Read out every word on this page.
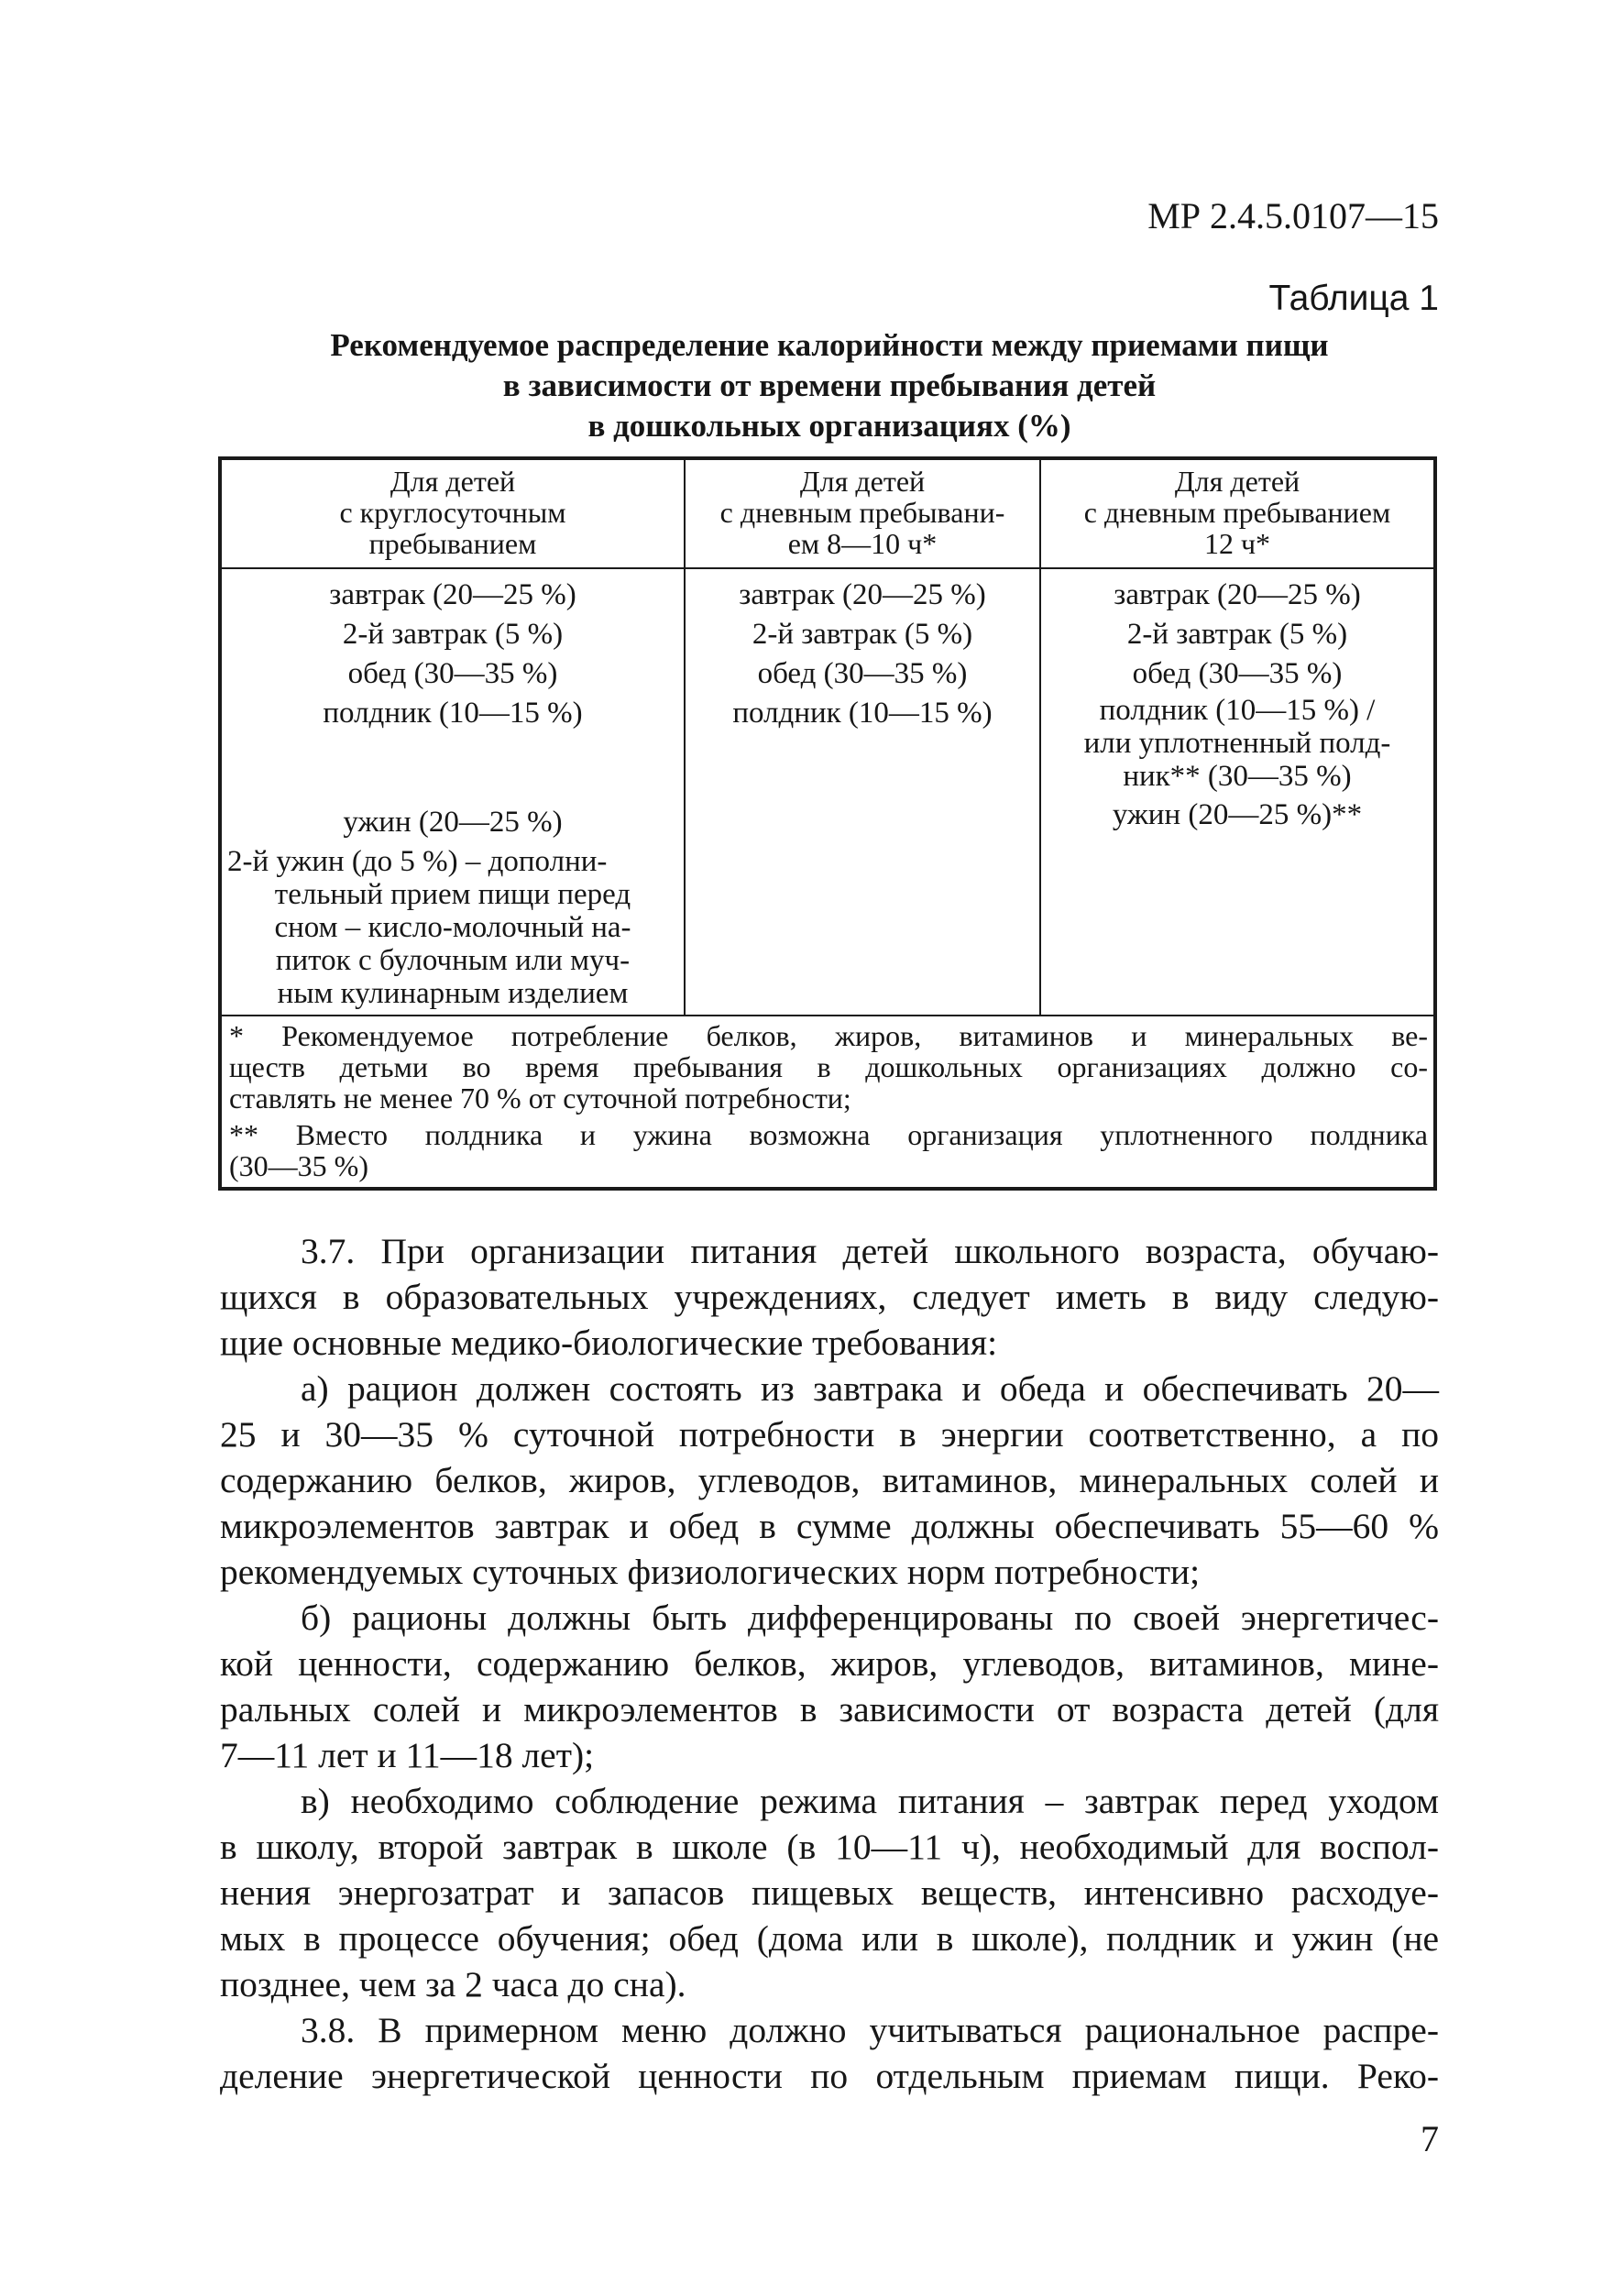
МР 2.4.5.0107—15
Таблица 1
Рекомендуемое распределение калорийности между приемами пищи
в зависимости от времени пребывания детей
в дошкольных организациях (%)
Для детей
с круглосуточным
пребыванием
Для детей
с дневным пребывани-
ем 8—10 ч*
Для детей
с дневным пребыванием
12 ч*
завтрак (20—25 %)
2-й завтрак (5 %)
обед (30—35 %)
полдник (10—15 %)
ужин (20—25 %)
2-й ужин (до 5 %) – дополни-
тельный прием пищи перед
сном – кисло-молочный на-
питок с булочным или муч-
ным кулинарным изделием
завтрак (20—25 %)
2-й завтрак (5 %)
обед (30—35 %)
полдник (10—15 %)
завтрак (20—25 %)
2-й завтрак (5 %)
обед (30—35 %)
полдник (10—15 %) /
или уплотненный полд-
ник** (30—35 %)
ужин (20—25 %)**
* Рекомендуемое потребление белков, жиров, витаминов и минеральных ве-
ществ детьми во время пребывания в дошкольных организациях должно со-
ставлять не менее 70 % от суточной потребности;
** Вместо полдника и ужина возможна организация уплотненного полдника
(30—35 %)

3.7. При организации питания детей школьного возраста, обучаю-
щихся в образовательных учреждениях, следует иметь в виду следую-
щие основные медико-биологические требования:

а) рацион должен состоять из завтрака и обеда и обеспечивать 20—
25 и 30—35 % суточной потребности в энергии соответственно, а по
содержанию белков, жиров, углеводов, витаминов, минеральных солей и
микроэлементов завтрак и обед в сумме должны обеспечивать 55—60 %
рекомендуемых суточных физиологических норм потребности;

б) рационы должны быть дифференцированы по своей энергетичес-
кой ценности, содержанию белков, жиров, углеводов, витаминов, мине-
ральных солей и микроэлементов в зависимости от возраста детей (для
7—11 лет и 11—18 лет);

в) необходимо соблюдение режима питания – завтрак перед уходом
в школу, второй завтрак в школе (в 10—11 ч), необходимый для воспол-
нения энергозатрат и запасов пищевых веществ, интенсивно расходуе-
мых в процессе обучения; обед (дома или в школе), полдник и ужин (не
позднее, чем за 2 часа до сна).

3.8. В примерном меню должно учитываться рациональное распре-
деление энергетической ценности по отдельным приемам пищи. Реко-

7
